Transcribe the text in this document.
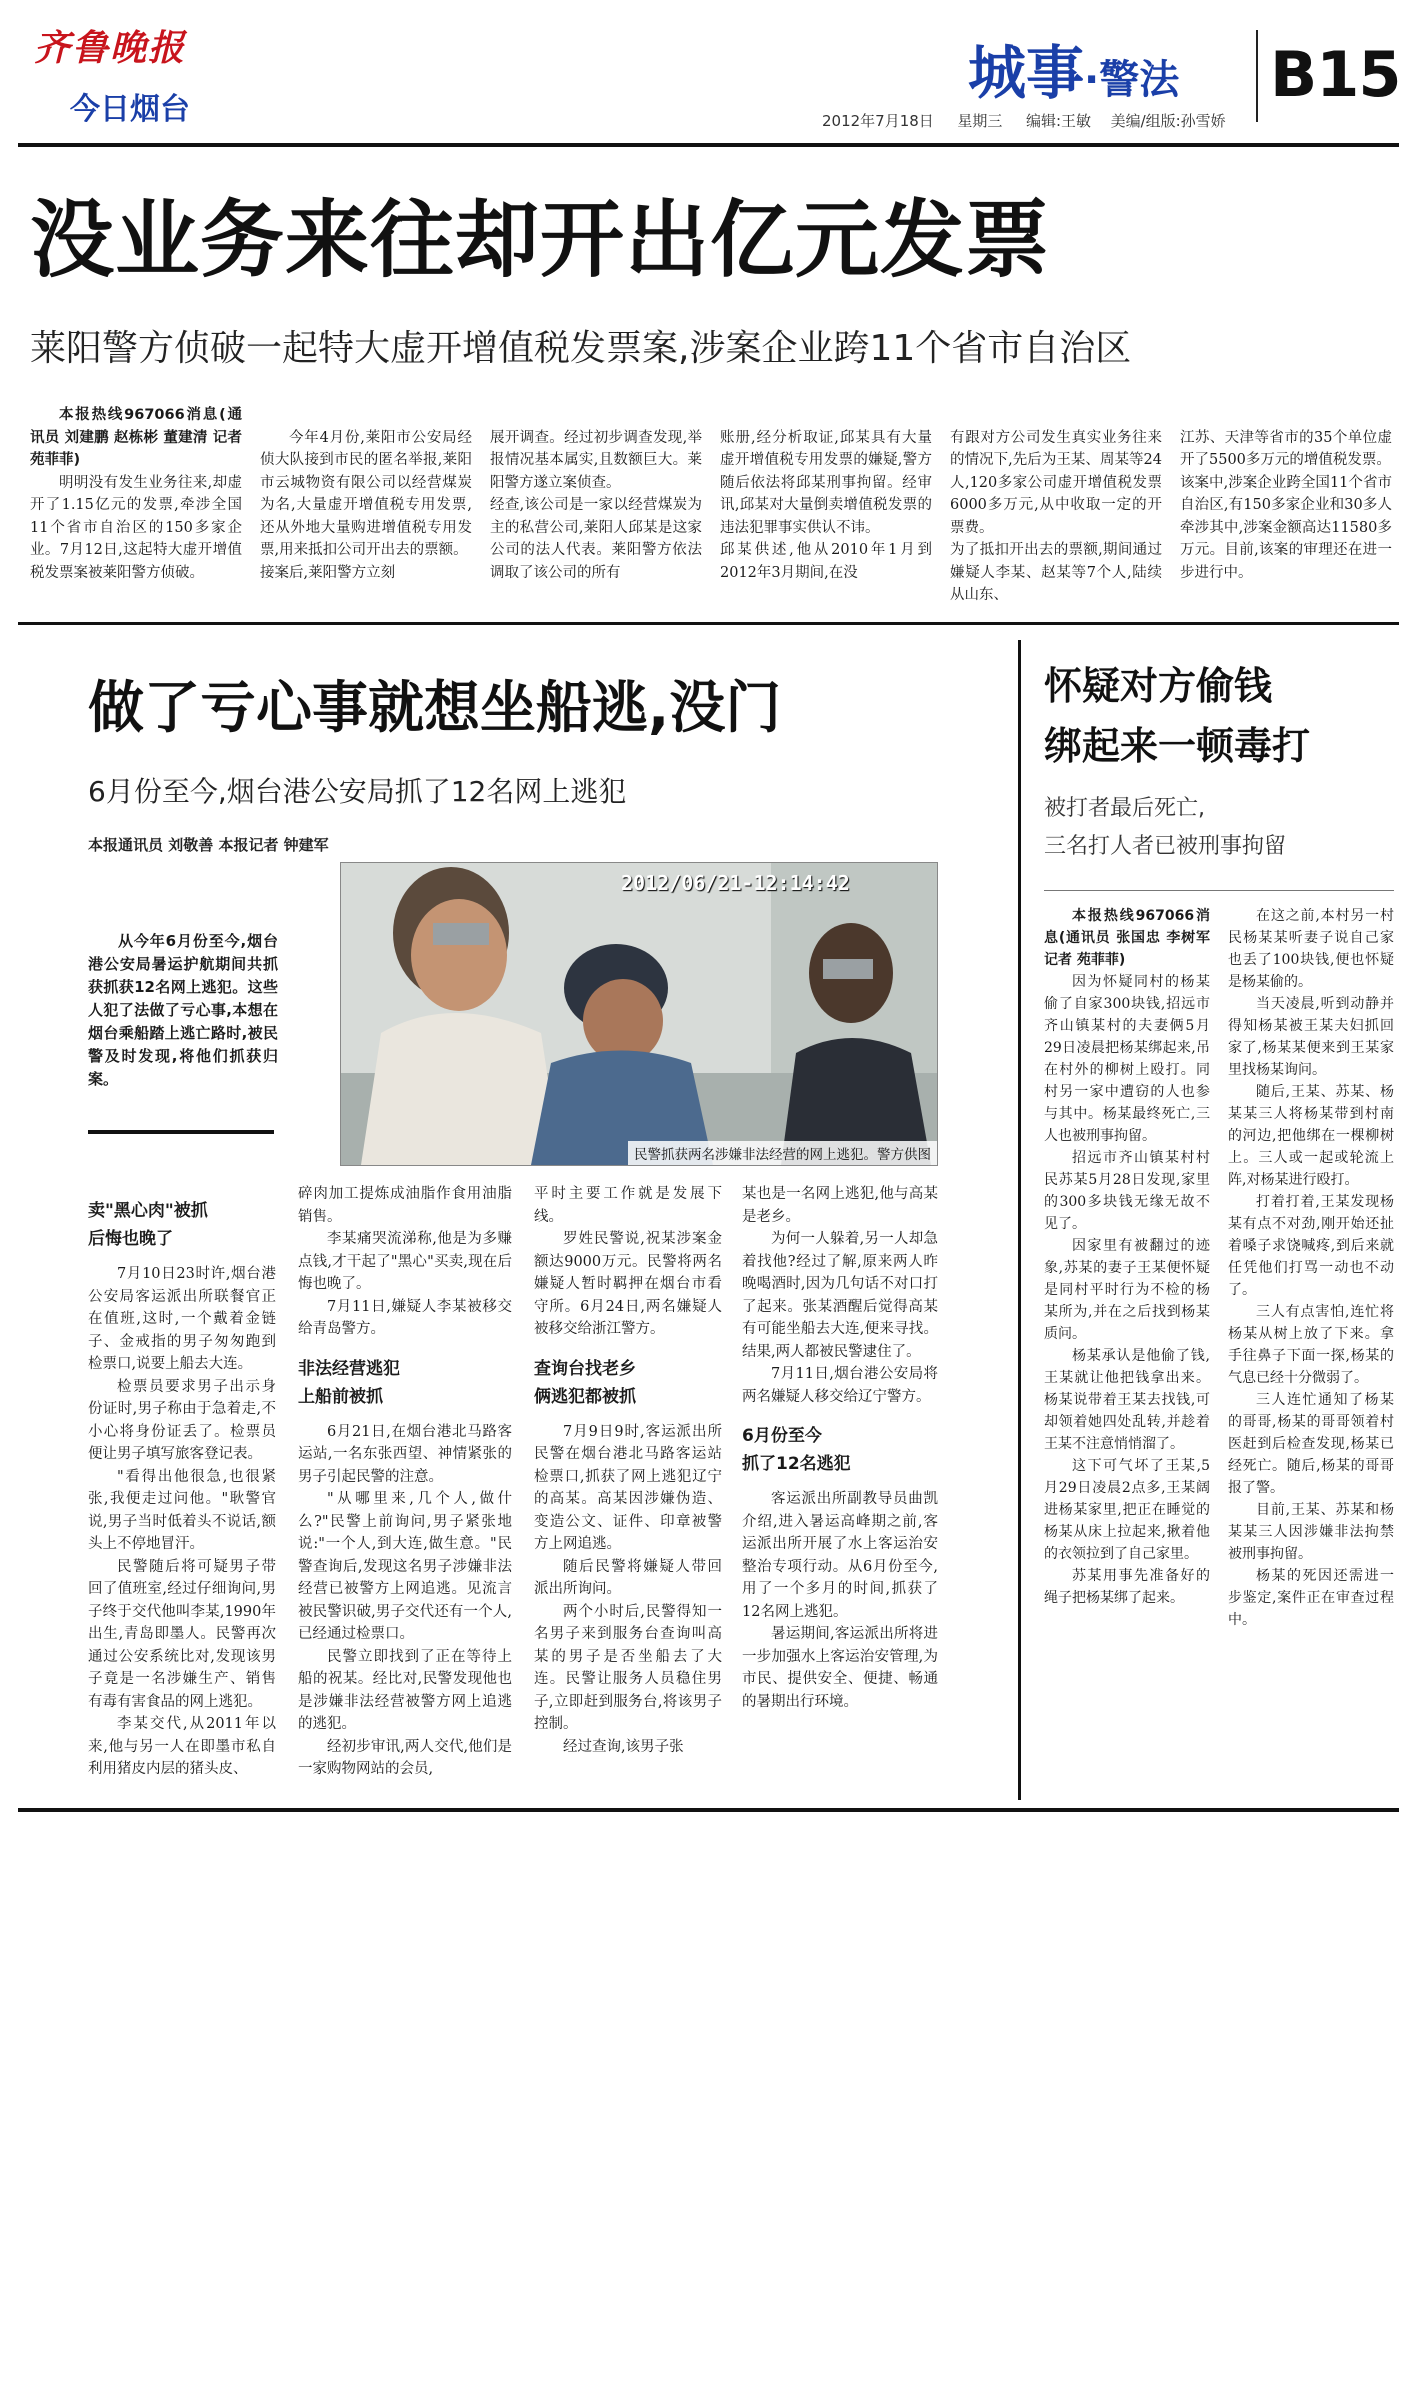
齐鲁晚报
今日烟台
城事·警法 B15
2012年7月18日 星期三 编辑:王敏 美编/组版:孙雪娇
没业务来往却开出亿元发票
莱阳警方侦破一起特大虚开增值税发票案,涉案企业跨11个省市自治区

本报热线967066消息(通讯员 刘建鹏 赵栋彬 董建清 记者 苑菲菲)

明明没有发生业务往来,却虚开了1.15亿元的发票,牵涉全国11个省市自治区的150多家企业。7月12日,这起特大虚开增值税发票案被莱阳警方侦破。

今年4月份,莱阳市公安局经侦大队接到市民的匿名举报,莱阳市云城物资有限公司以经营煤炭为名,大量虚开增值税专用发票,还从外地大量购进增值税专用发票,用来抵扣公司开出去的票额。
接案后,莱阳警方立刻

展开调查。经过初步调查发现,举报情况基本属实,且数额巨大。莱阳警方遂立案侦查。
经查,该公司是一家以经营煤炭为主的私营公司,莱阳人邱某是这家公司的法人代表。莱阳警方依法调取了该公司的所有

账册,经分析取证,邱某具有大量虚开增值税专用发票的嫌疑,警方随后依法将邱某刑事拘留。经审讯,邱某对大量倒卖增值税发票的违法犯罪事实供认不讳。
邱某供述,他从2010年1月到2012年3月期间,在没

有跟对方公司发生真实业务往来的情况下,先后为王某、周某等24人,120多家公司虚开增值税发票6000多万元,从中收取一定的开票费。
为了抵扣开出去的票额,期间通过嫌疑人李某、赵某等7个人,陆续从山东、

江苏、天津等省市的35个单位虚开了5500多万元的增值税发票。
该案中,涉案企业跨全国11个省市自治区,有150多家企业和30多人牵涉其中,涉案金额高达11580多万元。目前,该案的审理还在进一步进行中。

做了亏心事就想坐船逃,没门
6月份至今,烟台港公安局抓了12名网上逃犯
本报通讯员 刘敬善 本报记者 钟建军

从今年6月份至今,烟台港公安局暑运护航期间共抓获抓获12名网上逃犯。这些人犯了法做了亏心事,本想在烟台乘船踏上逃亡路时,被民警及时发现,将他们抓获归案。

2012/06/21-12:14:42
民警抓获两名涉嫌非法经营的网上逃犯。警方供图
卖"黑心肉"被抓
后悔也晚了

7月10日23时许,烟台港公安局客运派出所联餐官正在值班,这时,一个戴着金链子、金戒指的男子匆匆跑到检票口,说要上船去大连。

检票员要求男子出示身份证时,男子称由于急着走,不小心将身份证丢了。检票员便让男子填写旅客登记表。

"看得出他很急,也很紧张,我便走过问他。"耿警官说,男子当时低着头不说话,额头上不停地冒汗。

民警随后将可疑男子带回了值班室,经过仔细询问,男子终于交代他叫李某,1990年出生,青岛即墨人。民警再次通过公安系统比对,发现该男子竟是一名涉嫌生产、销售有毒有害食品的网上逃犯。

李某交代,从2011年以来,他与另一人在即墨市私自利用猪皮内层的猪头皮、

碎肉加工提炼成油脂作食用油脂销售。

李某痛哭流涕称,他是为多赚点钱,才干起了"黑心"买卖,现在后悔也晚了。

7月11日,嫌疑人李某被移交给青岛警方。

非法经营逃犯
上船前被抓

6月21日,在烟台港北马路客运站,一名东张西望、神情紧张的男子引起民警的注意。

"从哪里来,几个人,做什么?"民警上前询问,男子紧张地说:"一个人,到大连,做生意。"民警查询后,发现这名男子涉嫌非法经营已被警方上网追逃。见流言被民警识破,男子交代还有一个人,已经通过检票口。

民警立即找到了正在等待上船的祝某。经比对,民警发现他也是涉嫌非法经营被警方网上追逃的逃犯。

经初步审讯,两人交代,他们是一家购物网站的会员,

平时主要工作就是发展下线。

罗姓民警说,祝某涉案金额达9000万元。民警将两名嫌疑人暂时羁押在烟台市看守所。6月24日,两名嫌疑人被移交给浙江警方。

查询台找老乡
俩逃犯都被抓

7月9日9时,客运派出所民警在烟台港北马路客运站检票口,抓获了网上逃犯辽宁的高某。高某因涉嫌伪造、变造公文、证件、印章被警方上网追逃。

随后民警将嫌疑人带回派出所询问。

两个小时后,民警得知一名男子来到服务台查询叫高某的男子是否坐船去了大连。民警让服务人员稳住男子,立即赶到服务台,将该男子控制。

经过查询,该男子张

某也是一名网上逃犯,他与高某是老乡。

为何一人躲着,另一人却急着找他?经过了解,原来两人昨晚喝酒时,因为几句话不对口打了起来。张某酒醒后觉得高某有可能坐船去大连,便来寻找。结果,两人都被民警逮住了。

7月11日,烟台港公安局将两名嫌疑人移交给辽宁警方。

6月份至今
抓了12名逃犯

客运派出所副教导员曲凯介绍,进入暑运高峰期之前,客运派出所开展了水上客运治安整治专项行动。从6月份至今,用了一个多月的时间,抓获了12名网上逃犯。

暑运期间,客运派出所将进一步加强水上客运治安管理,为市民、提供安全、便捷、畅通的暑期出行环境。

怀疑对方偷钱
绑起来一顿毒打
被打者最后死亡,
三名打人者已被刑事拘留

本报热线967066消息(通讯员 张国忠 李树军 记者 苑菲菲)

因为怀疑同村的杨某偷了自家300块钱,招远市齐山镇某村的夫妻俩5月29日凌晨把杨某绑起来,吊在村外的柳树上殴打。同村另一家中遭窃的人也参与其中。杨某最终死亡,三人也被刑事拘留。

招远市齐山镇某村村民苏某5月28日发现,家里的300多块钱无缘无故不见了。

因家里有被翻过的迹象,苏某的妻子王某便怀疑是同村平时行为不检的杨某所为,并在之后找到杨某质问。

杨某承认是他偷了钱,王某就让他把钱拿出来。杨某说带着王某去找钱,可却领着她四处乱转,并趁着王某不注意悄悄溜了。

这下可气坏了王某,5月29日凌晨2点多,王某阔进杨某家里,把正在睡觉的杨某从床上拉起来,揪着他的衣领拉到了自己家里。

苏某用事先准备好的绳子把杨某绑了起来。

在这之前,本村另一村民杨某某听妻子说自己家也丢了100块钱,便也怀疑是杨某偷的。

当天凌晨,听到动静并得知杨某被王某夫妇抓回家了,杨某某便来到王某家里找杨某询问。

随后,王某、苏某、杨某某三人将杨某带到村南的河边,把他绑在一棵柳树上。三人或一起或轮流上阵,对杨某进行殴打。

打着打着,王某发现杨某有点不对劲,刚开始还扯着嗓子求饶喊疼,到后来就任凭他们打骂一动也不动了。

三人有点害怕,连忙将杨某从树上放了下来。拿手往鼻子下面一探,杨某的气息已经十分微弱了。

三人连忙通知了杨某的哥哥,杨某的哥哥领着村医赶到后检查发现,杨某已经死亡。随后,杨某的哥哥报了警。

目前,王某、苏某和杨某某三人因涉嫌非法拘禁被刑事拘留。

杨某的死因还需进一步鉴定,案件正在审查过程中。
